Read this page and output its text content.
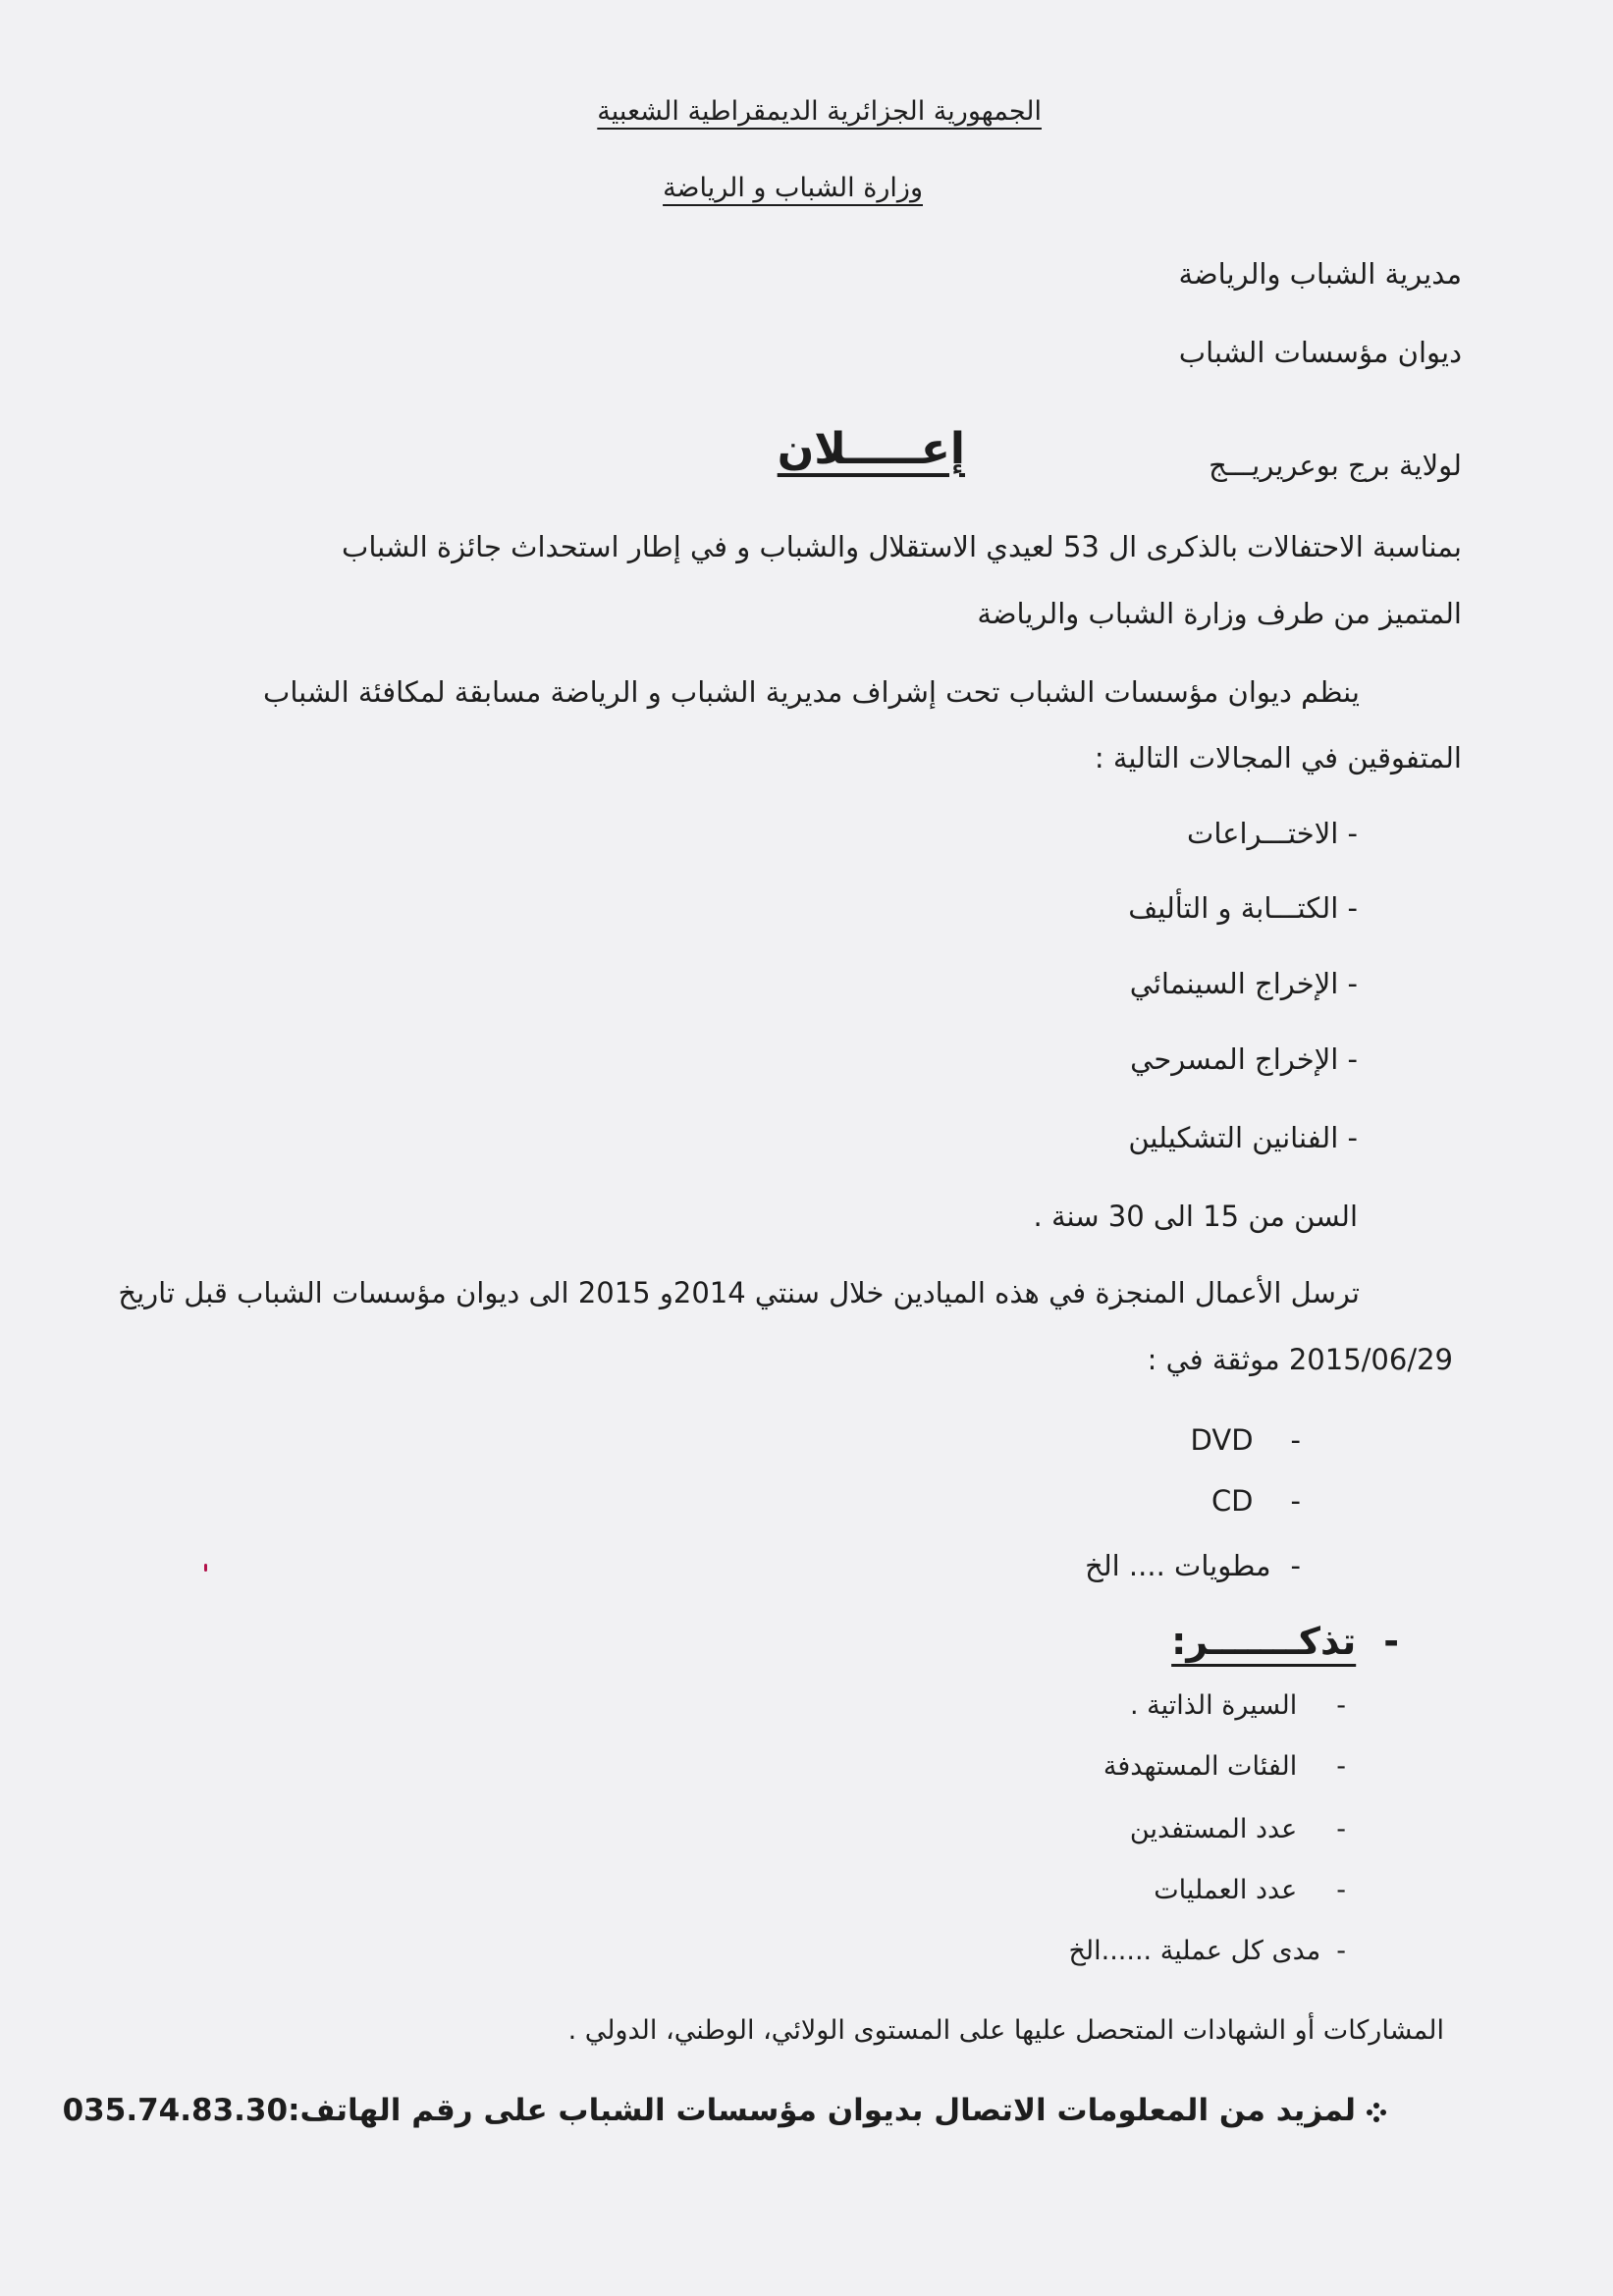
الجمهورية الجزائرية الديمقراطية الشعبية
وزارة الشباب و الرياضة
مديرية الشباب والرياضة
ديوان مؤسسات الشباب
لولاية برج بوعريريـــج
إعـــــلان
بمناسبة الاحتفالات بالذكرى ال 53 لعيدي الاستقلال والشباب و في إطار استحداث جائزة الشباب
المتميز من طرف وزارة الشباب والرياضة
ينظم ديوان مؤسسات الشباب تحت إشراف مديرية الشباب و الرياضة مسابقة لمكافئة الشباب
المتفوقين في المجالات التالية :
- الاختـــراعات
- الكتـــابة و التأليف
- الإخراج السينمائي
- الإخراج المسرحي
- الفنانين التشكيلين
السن من 15 الى 30 سنة .
ترسل الأعمال المنجزة في هذه الميادين خلال سنتي 2014و 2015 الى ديوان مؤسسات الشباب قبل تاريخ
2015/06/29 موثقة في :
-DVD
-CD
-مطويات .... الخ
-تذكـــــــر:
-السيرة الذاتية .
-الفئات المستهدفة
-عدد المستفدين
-عدد العمليات
-مدى كل عملية ......الخ
المشاركات أو الشهادات المتحصل عليها على المستوى الولائي، الوطني، الدولي .
لمزيد من المعلومات الاتصال بديوان مؤسسات الشباب على رقم الهاتف:035.74.83.30
